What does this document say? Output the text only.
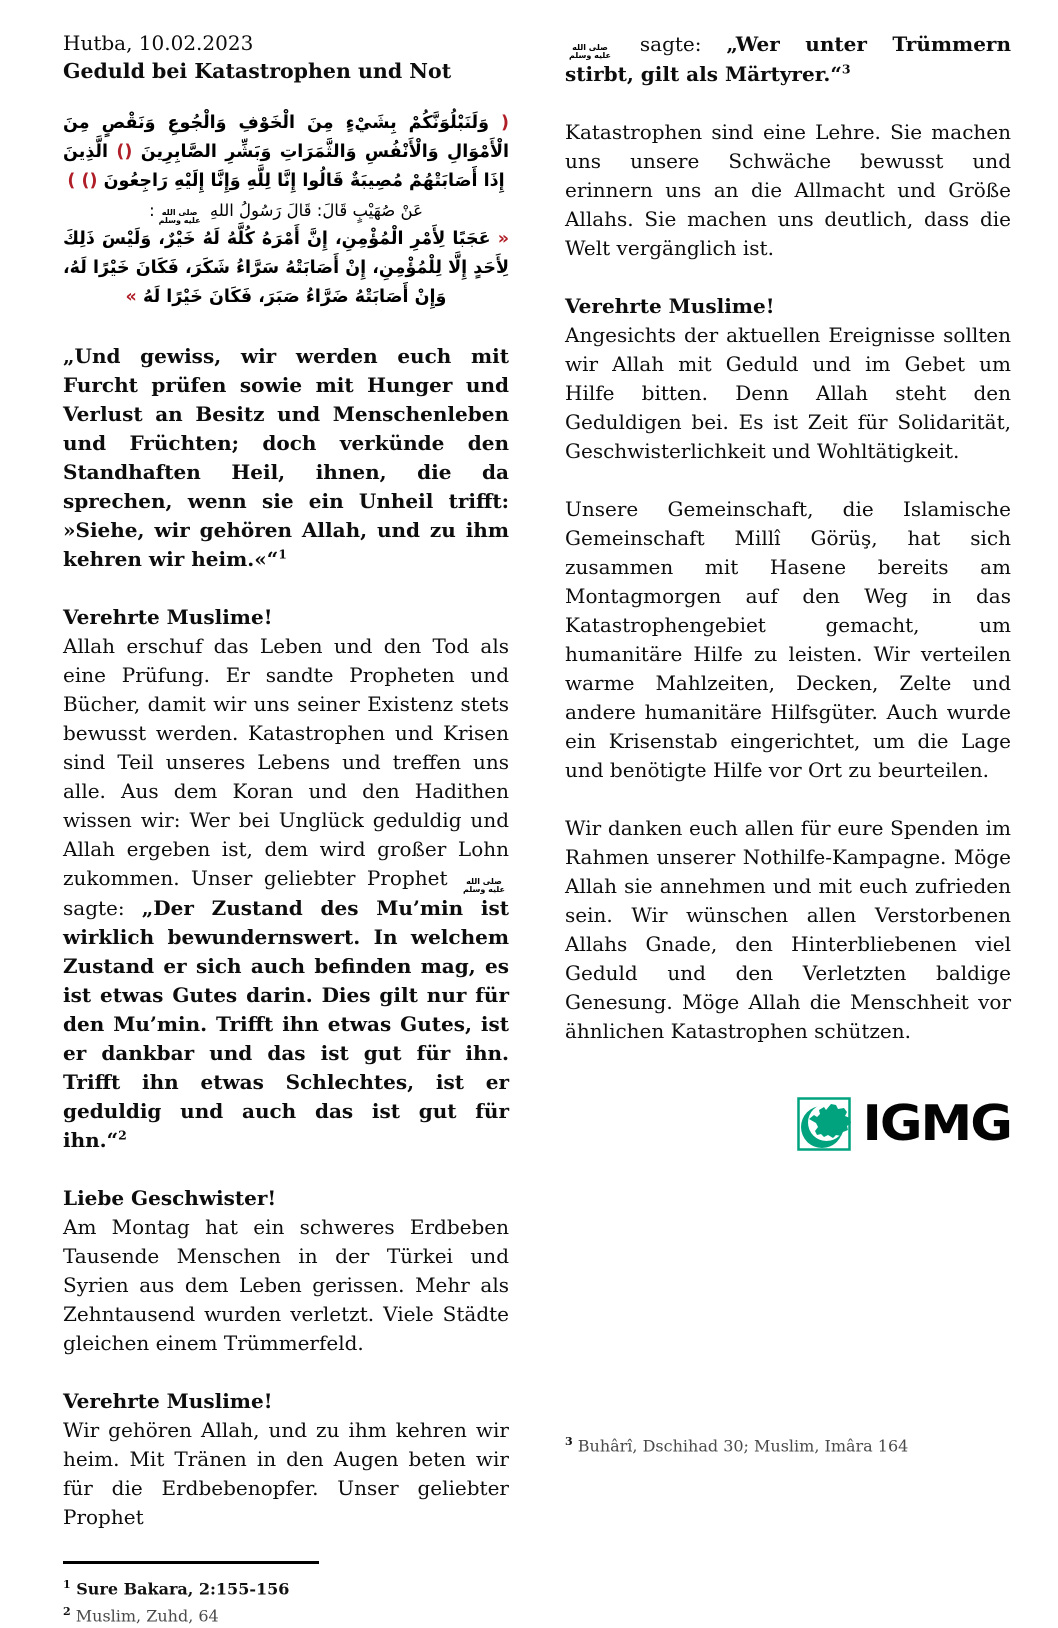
Hutba, 10.02.2023

Geduld bei Katastrophen und Not

( وَلَنَبْلُوَنَّكُمْ بِشَيْءٍ مِنَ الْخَوْفِ وَالْجُوعِ وَنَقْصٍ مِنَ الْأَمْوَالِ وَالْأَنْفُسِ وَالثَّمَرَاتِ وَبَشِّرِ الصَّابِرِينَ () الَّذِينَ إِذَا أَصَابَتْهُمْ مُصِيبَةٌ قَالُوا إِنَّا لِلَّهِ وَإِنَّا إِلَيْهِ رَاجِعُونَ () )

عَنْ صُهَيْبٍ قَالَ: قَالَ رَسُولُ اللهِ
صلى الله
عليه وسلم
:

« عَجَبًا لِأَمْرِ الْمُؤْمِنِ، إِنَّ أَمْرَهُ كُلَّهُ لَهُ خَيْرٌ، وَلَيْسَ ذَلِكَ لِأَحَدٍ إِلَّا لِلْمُؤْمِنِ، إِنْ أَصَابَتْهُ سَرَّاءُ شَكَرَ، فَكَانَ خَيْرًا لَهُ، وَإِنْ أَصَابَتْهُ ضَرَّاءُ صَبَرَ، فَكَانَ خَيْرًا لَهُ »

„Und gewiss, wir werden euch mit Furcht prüfen sowie mit Hunger und Verlust an Besitz und Menschenleben und Früchten; doch verkünde den Standhaften Heil, ihnen, die da sprechen, wenn sie ein Unheil trifft: »Siehe, wir gehören Allah, und zu ihm kehren wir heim.«“$^1$

Verehrte Muslime!

Allah erschuf das Leben und den Tod als eine Prüfung. Er sandte Propheten und Bücher, damit wir uns seiner Existenz stets bewusst werden. Katastrophen und Krisen sind Teil unseres Lebens und treffen uns alle. Aus dem Koran und den Hadithen wissen wir: Wer bei Unglück geduldig und Allah ergeben ist, dem wird großer Lohn zukommen. Unser geliebter Prophet	صلى الله
عليه وسلم
sagte: „Der Zustand des Mu’min ist wirklich bewundernswert. In welchem Zustand er sich auch befinden mag, es ist etwas Gutes darin. Dies gilt nur für den Mu’min. Trifft ihn etwas Gutes, ist er dankbar und das ist gut für ihn. Trifft ihn etwas Schlechtes, ist er geduldig und auch das ist gut für ihn.“$^2$

Liebe Geschwister!

Am Montag hat ein schweres Erdbeben Tausende Menschen in der Türkei und Syrien aus dem Leben gerissen. Mehr als Zehntausend wurden verletzt. Viele Städte gleichen einem Trümmerfeld.

Verehrte Muslime!

Wir gehören Allah, und zu ihm kehren wir heim. Mit Tränen in den Augen beten wir für die Erdbebenopfer. Unser geliebter Prophet

$^1$ Sure Bakara, 2:155-156

$^2$ Muslim, Zuhd, 64

صلى الله
عليه وسلم sagte: „Wer unter Trümmern stirbt, gilt als Märtyrer.“$^3$

Katastrophen sind eine Lehre. Sie machen uns unsere Schwäche bewusst und erinnern uns an die Allmacht und Größe Allahs. Sie machen uns deutlich, dass die Welt vergänglich ist.

Verehrte Muslime!

Angesichts der aktuellen Ereignisse sollten wir Allah mit Geduld und im Gebet um Hilfe bitten. Denn Allah steht den Geduldigen bei. Es ist Zeit für Solidarität, Geschwisterlichkeit und Wohltätigkeit.

Unsere Gemeinschaft, die Islamische Gemeinschaft Millî Görüş, hat sich zusammen mit Hasene bereits am Montagmorgen auf den Weg in das Katastrophengebiet gemacht, um humanitäre Hilfe zu leisten. Wir verteilen warme Mahlzeiten, Decken, Zelte und andere humanitäre Hilfsgüter. Auch wurde ein Krisenstab eingerichtet, um die Lage und benötigte Hilfe vor Ort zu beurteilen.

Wir danken euch allen für eure Spenden im Rahmen unserer Nothilfe-Kampagne. Möge Allah sie annehmen und mit euch zufrieden sein. Wir wünschen allen Verstorbenen Allahs Gnade, den Hinterbliebenen viel Geduld und den Verletzten baldige Genesung. Möge Allah die Menschheit vor ähnlichen Katastrophen schützen.

IGMG

$^3$ Buhârî, Dschihad 30; Muslim, Imâra 164
